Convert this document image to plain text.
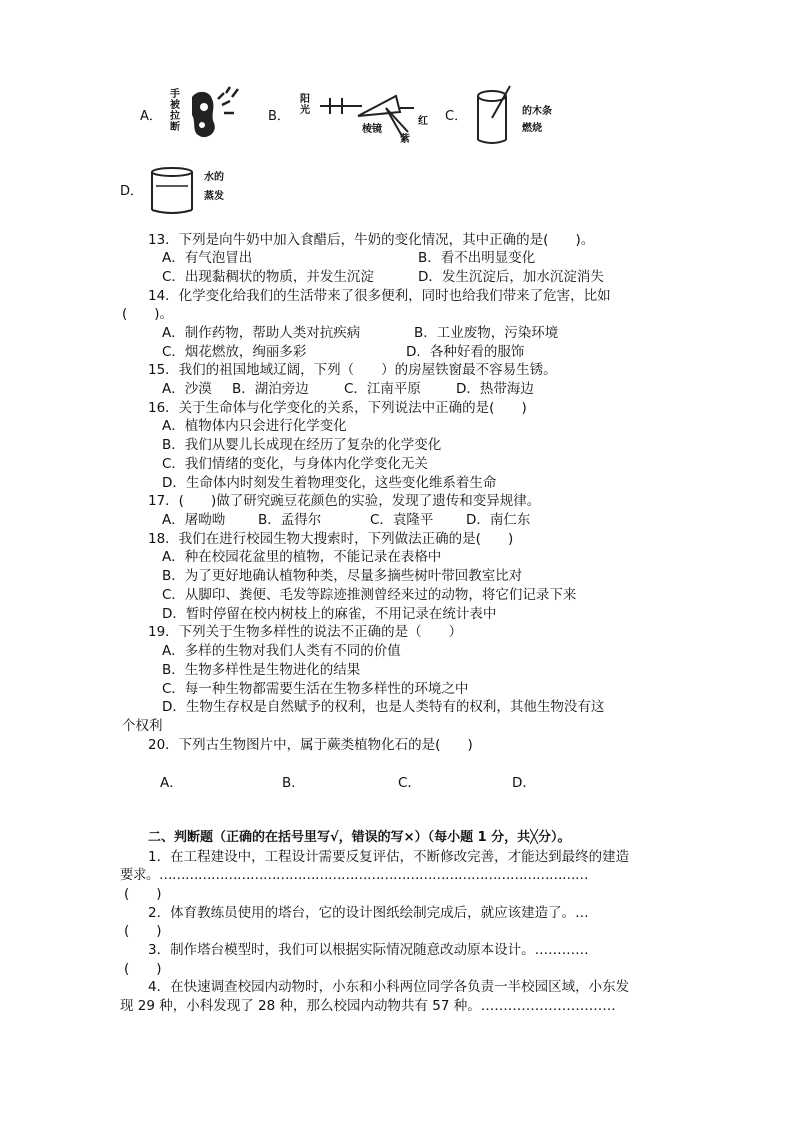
A．
手
被
拉
断
B．
阳
光
棱镜
红
紫
C．	的木条
燃烧
D．
水的
蒸发
13．下列是向牛奶中加入食醋后，牛奶的变化情况，其中正确的是(　　)。
A．有气泡冒出	B．看不出明显变化
C．出现黏稠状的物质，并发生沉淀	D．发生沉淀后，加水沉淀消失
14．化学变化给我们的生活带来了很多便利，同时也给我们带来了危害，比如
(　　)。
A．制作药物，帮助人类对抗疾病	B．工业废物，污染环境
C．烟花燃放，绚丽多彩	D．各种好看的服饰
15．我们的祖国地域辽阔，下列（　　）的房屋铁窗最不容易生锈。
A．沙漠 B．湖泊旁边	C．江南平原	D．热带海边
16．关于生命体与化学变化的关系，下列说法中正确的是(　　)
A．植物体内只会进行化学变化
B．我们从婴儿长成现在经历了复杂的化学变化
C．我们情绪的变化，与身体内化学变化无关
D．生命体内时刻发生着物理变化，这些变化维系着生命
17．(　　)做了研究豌豆花颜色的实验，发现了遗传和变异规律。
A．屠呦呦 B．孟得尔	C．袁隆平 D．南仁东
18．我们在进行校园生物大搜索时，下列做法正确的是(　　)
A．种在校园花盆里的植物，不能记录在表格中
B．为了更好地确认植物种类，尽量多摘些树叶带回教室比对
C．从脚印、粪便、毛发等踪迹推测曾经来过的动物，将它们记录下来
D．暂时停留在校内树枝上的麻雀，不用记录在统计表中
19．下列关于生物多样性的说法不正确的是（　　）
A．多样的生物对我们人类有不同的价值
B．生物多样性是生物进化的结果
C．每一种生物都需要生活在生物多样性的环境之中
D．生物生存权是自然赋予的权利，也是人类特有的权利，其他生物没有这
个权利
20．下列古生物图片中，属于蕨类植物化石的是(　　)
A．	B．	C．	D．
二、判断题（正确的在括号里写√，错误的写×）（每小题 1 分，共╳分）。
1．在工程建设中，工程设计需要反复评估，不断修改完善，才能达到最终的建造
要求。………………………………………………………………………………………
(　　)
2．体育教练员使用的塔台，它的设计图纸绘制完成后，就应该建造了。…
(　　)
3．制作塔台模型时，我们可以根据实际情况随意改动原本设计。…………
(　　)
4．在快速调查校园内动物时，小东和小科两位同学各负责一半校园区域，小东发
现 29 种，小科发现了 28 种，那么校园内动物共有 57 种。…………………………
